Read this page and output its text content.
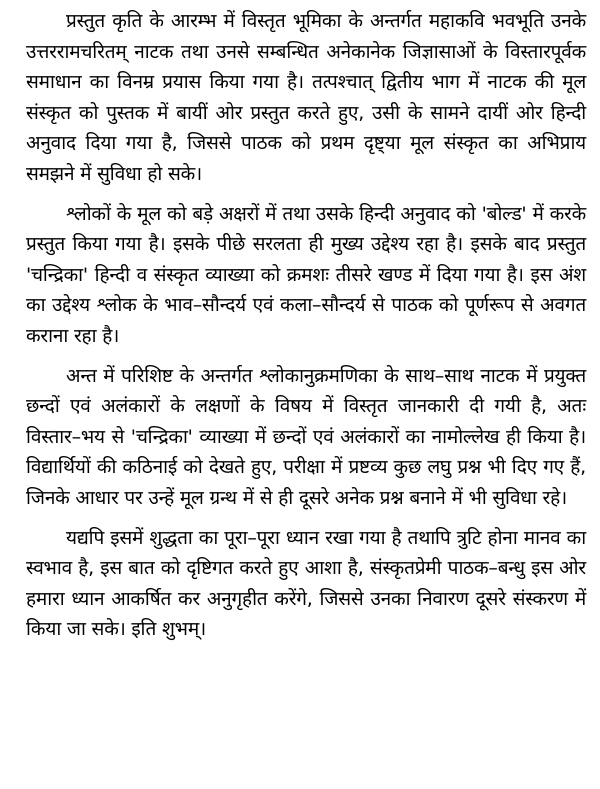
प्रस्तुत कृति के आरम्भ में विस्तृत भूमिका के अन्तर्गत महाकवि भवभूति उनके उत्तररामचरितम् नाटक तथा उनसे सम्बन्धित अनेकानेक जिज्ञासाओं के विस्तारपूर्वक समाधान का विनम्र प्रयास किया गया है। तत्पश्चात् द्वितीय भाग में नाटक की मूल संस्कृत को पुस्तक में बायीं ओर प्रस्तुत करते हुए, उसी के सामने दायीं ओर हिन्दी अनुवाद दिया गया है, जिससे पाठक को प्रथम दृष्ट्या मूल संस्कृत का अभिप्राय समझने में सुविधा हो सके।

श्लोकों के मूल को बड़े अक्षरों में तथा उसके हिन्दी अनुवाद को 'बोल्ड' में करके प्रस्तुत किया गया है। इसके पीछे सरलता ही मुख्य उद्देश्य रहा है। इसके बाद प्रस्तुत 'चन्द्रिका' हिन्दी व संस्कृत व्याख्या को क्रमशः तीसरे खण्ड में दिया गया है। इस अंश का उद्देश्य श्लोक के भाव–सौन्दर्य एवं कला–सौन्दर्य से पाठक को पूर्णरूप से अवगत कराना रहा है।

अन्त में परिशिष्ट के अन्तर्गत श्लोकानुक्रमणिका के साथ–साथ नाटक में प्रयुक्त छन्दों एवं अलंकारों के लक्षणों के विषय में विस्तृत जानकारी दी गयी है, अतः विस्तार–भय से 'चन्द्रिका' व्याख्या में छन्दों एवं अलंकारों का नामोल्लेख ही किया है। विद्यार्थियों की कठिनाई को देखते हुए, परीक्षा में प्रष्टव्य कुछ लघु प्रश्न भी दिए गए हैं, जिनके आधार पर उन्हें मूल ग्रन्थ में से ही दूसरे अनेक प्रश्न बनाने में भी सुविधा रहे।

यद्यपि इसमें शुद्धता का पूरा–पूरा ध्यान रखा गया है तथापि त्रुटि होना मानव का स्वभाव है, इस बात को दृष्टिगत करते हुए आशा है, संस्कृतप्रेमी पाठक–बन्धु इस ओर हमारा ध्यान आकर्षित कर अनुगृहीत करेंगे, जिससे उनका निवारण दूसरे संस्करण में किया जा सके। इति शुभम्।
